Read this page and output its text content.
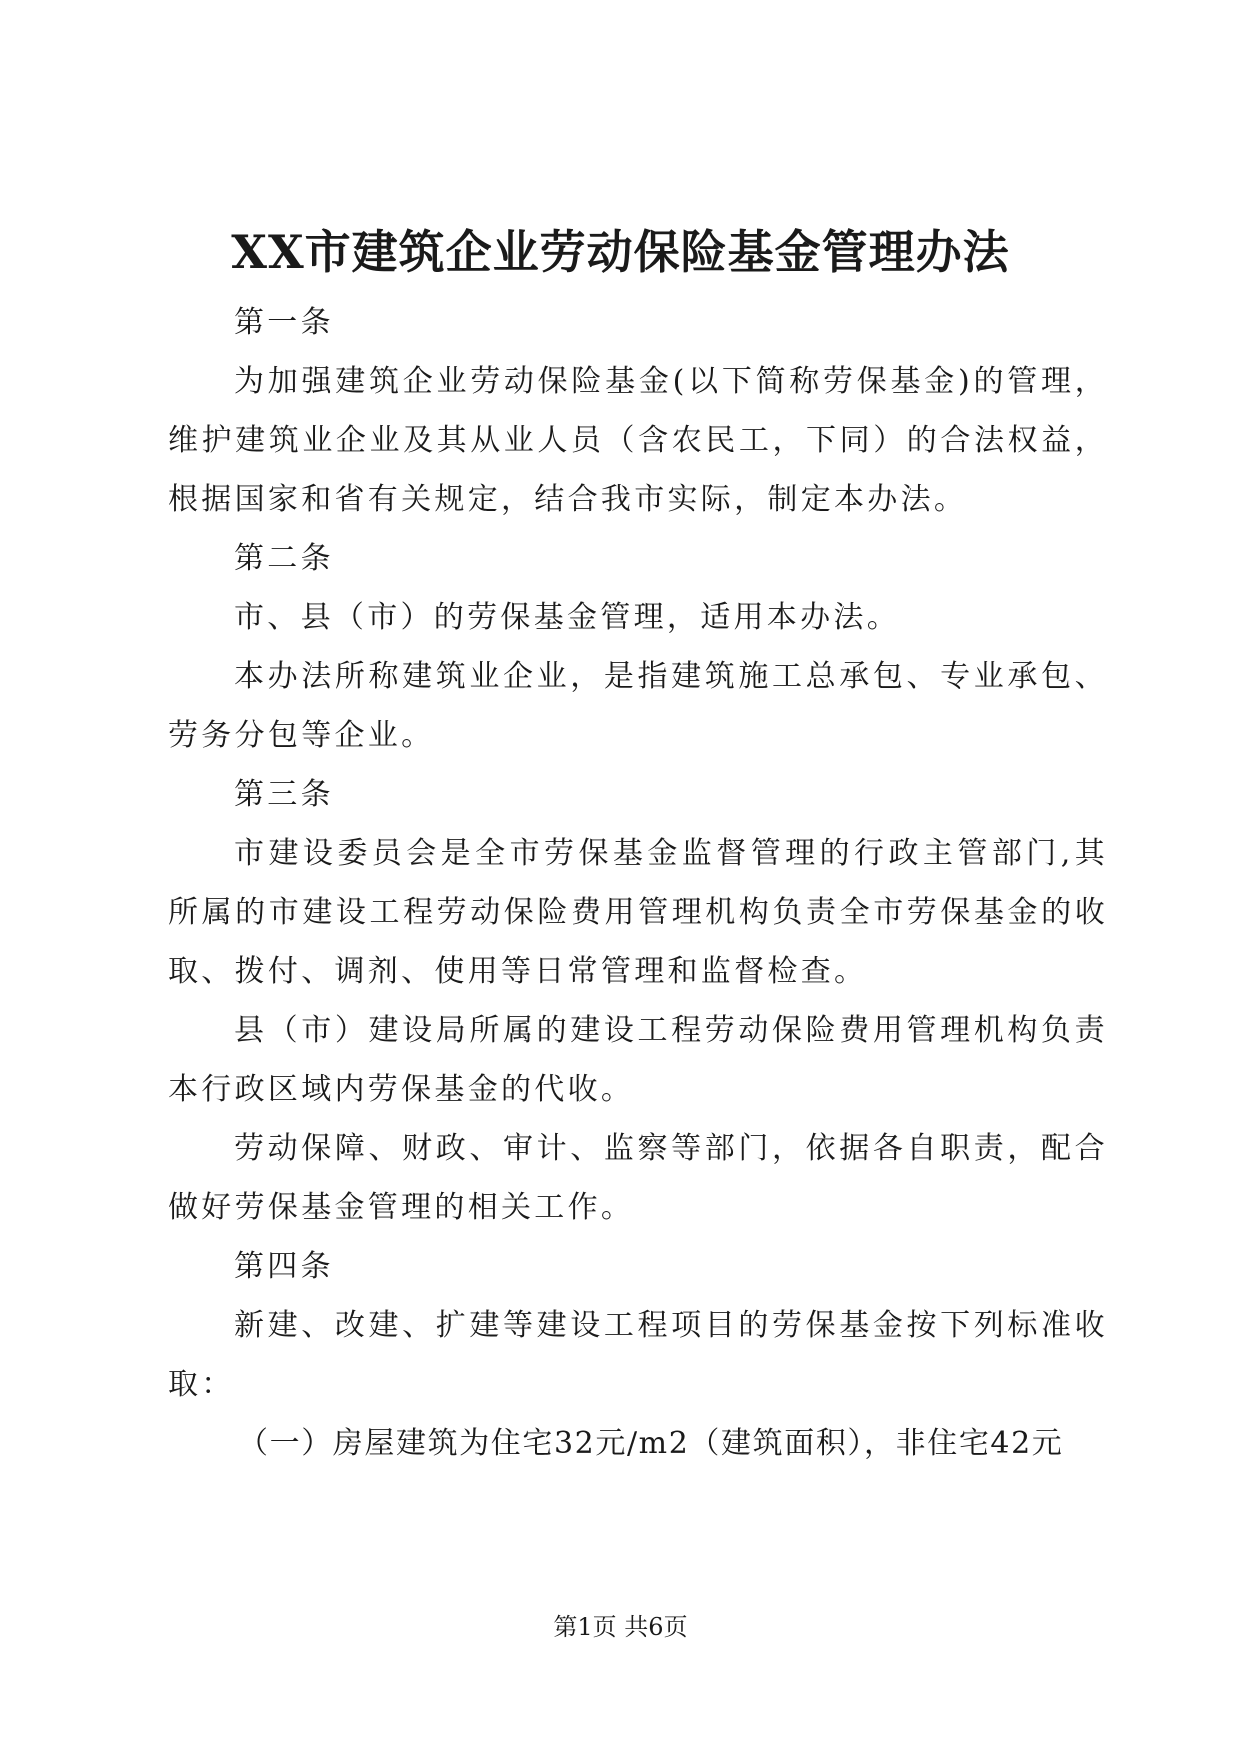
XX市建筑企业劳动保险基金管理办法

第一条

为加强建筑企业劳动保险基金(以下简称劳保基金)的管理，维护建筑业企业及其从业人员（含农民工，下同）的合法权益，根据国家和省有关规定，结合我市实际，制定本办法。

第二条

市、县（市）的劳保基金管理，适用本办法。

本办法所称建筑业企业，是指建筑施工总承包、专业承包、劳务分包等企业。

第三条

市建设委员会是全市劳保基金监督管理的行政主管部门,其所属的市建设工程劳动保险费用管理机构负责全市劳保基金的收取、拨付、调剂、使用等日常管理和监督检查。

县（市）建设局所属的建设工程劳动保险费用管理机构负责本行政区域内劳保基金的代收。

劳动保障、财政、审计、监察等部门，依据各自职责，配合做好劳保基金管理的相关工作。

第四条

新建、改建、扩建等建设工程项目的劳保基金按下列标准收取：

（一）房屋建筑为住宅32元/m2（建筑面积），非住宅42元

第1页 共6页
